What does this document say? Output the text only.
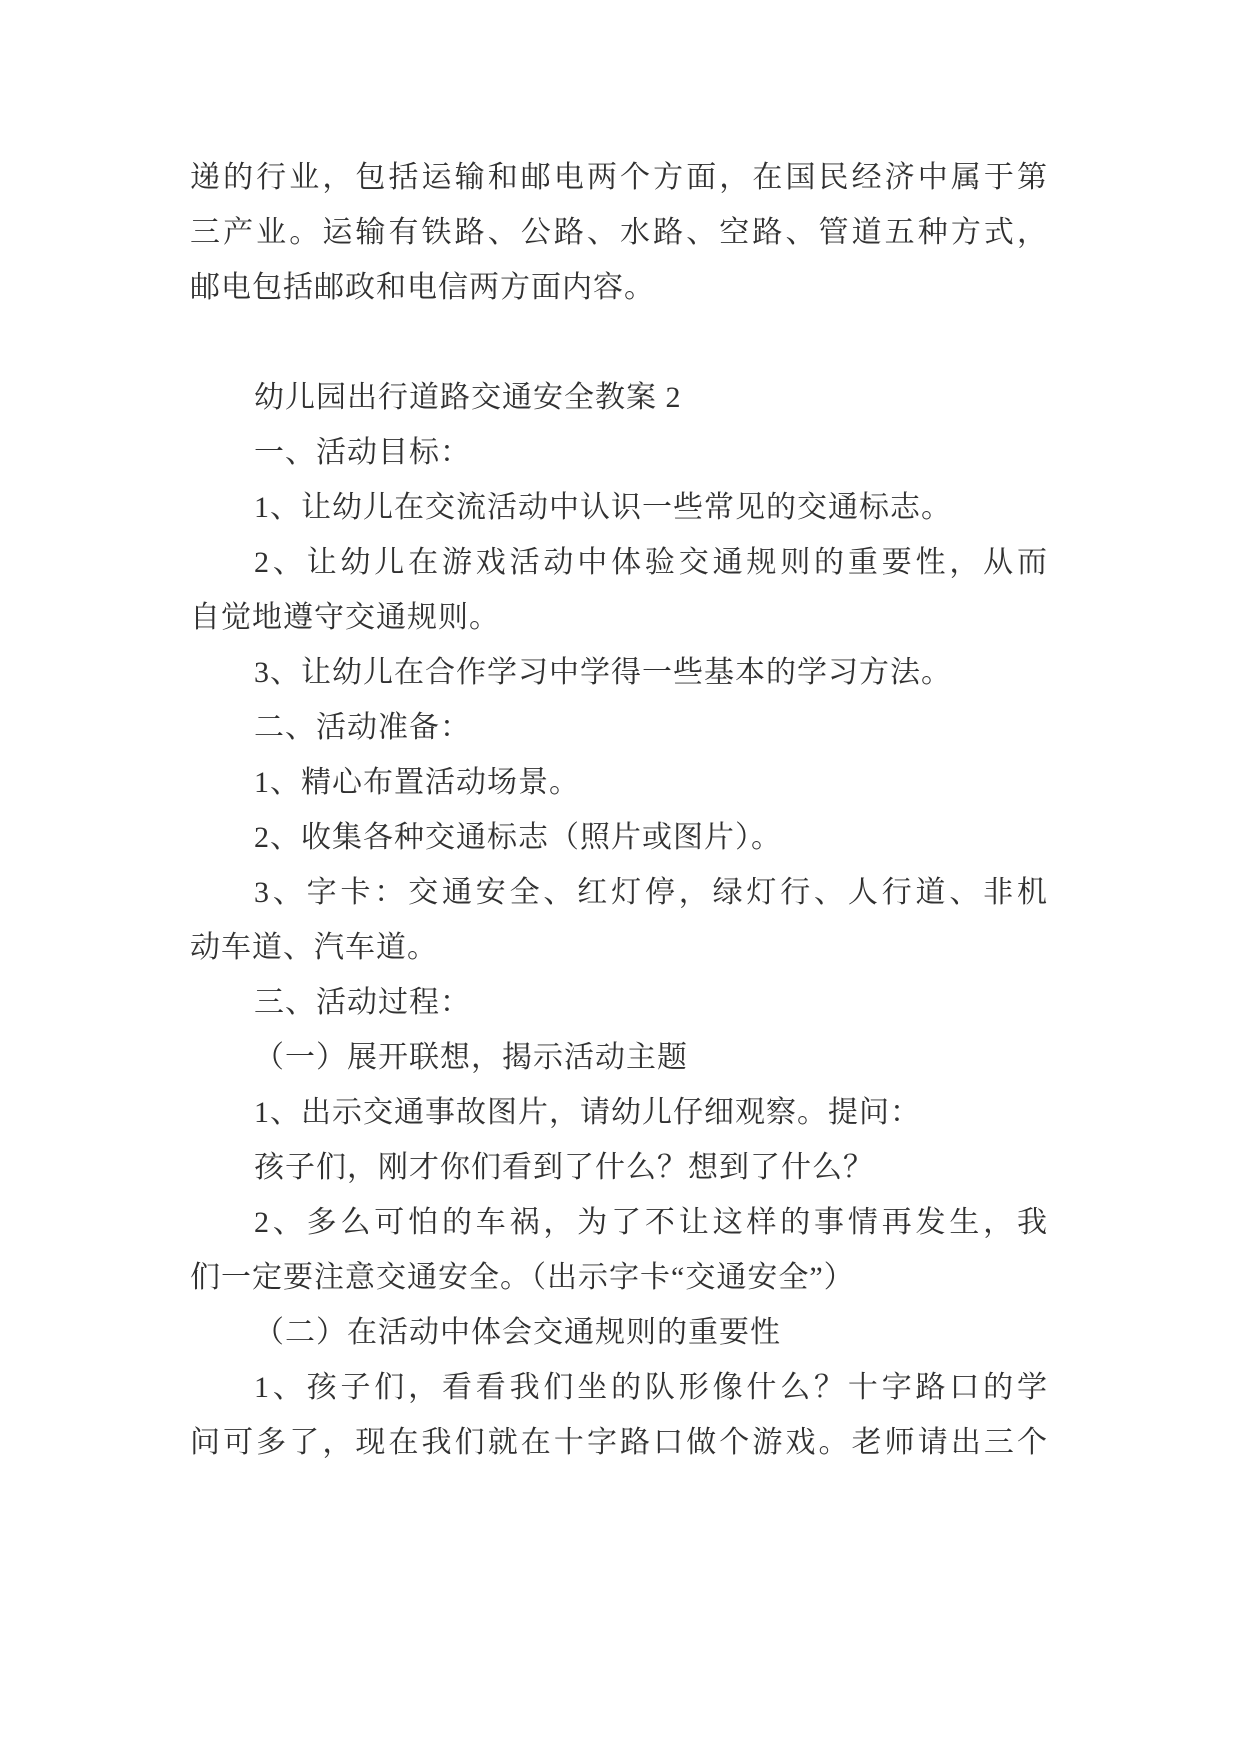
递的行业，包括运输和邮电两个方面，在国民经济中属于第
三产业。运输有铁路、公路、水路、空路、管道五种方式，
邮电包括邮政和电信两方面内容。
幼儿园出行道路交通安全教案 2
一、活动目标：
1、让幼儿在交流活动中认识一些常见的交通标志。
2、让幼儿在游戏活动中体验交通规则的重要性，从而
自觉地遵守交通规则。
3、让幼儿在合作学习中学得一些基本的学习方法。
二、活动准备：
1、精心布置活动场景。
2、收集各种交通标志（照片或图片）。
3、字卡：交通安全、红灯停，绿灯行、人行道、非机
动车道、汽车道。
三、活动过程：
（一）展开联想，揭示活动主题
1、出示交通事故图片，请幼儿仔细观察。提问：
孩子们，刚才你们看到了什么？想到了什么？
2、多么可怕的车祸，为了不让这样的事情再发生，我
们一定要注意交通安全。（出示字卡“交通安全”）
（二）在活动中体会交通规则的重要性
1、孩子们，看看我们坐的队形像什么？十字路口的学
问可多了，现在我们就在十字路口做个游戏。老师请出三个
